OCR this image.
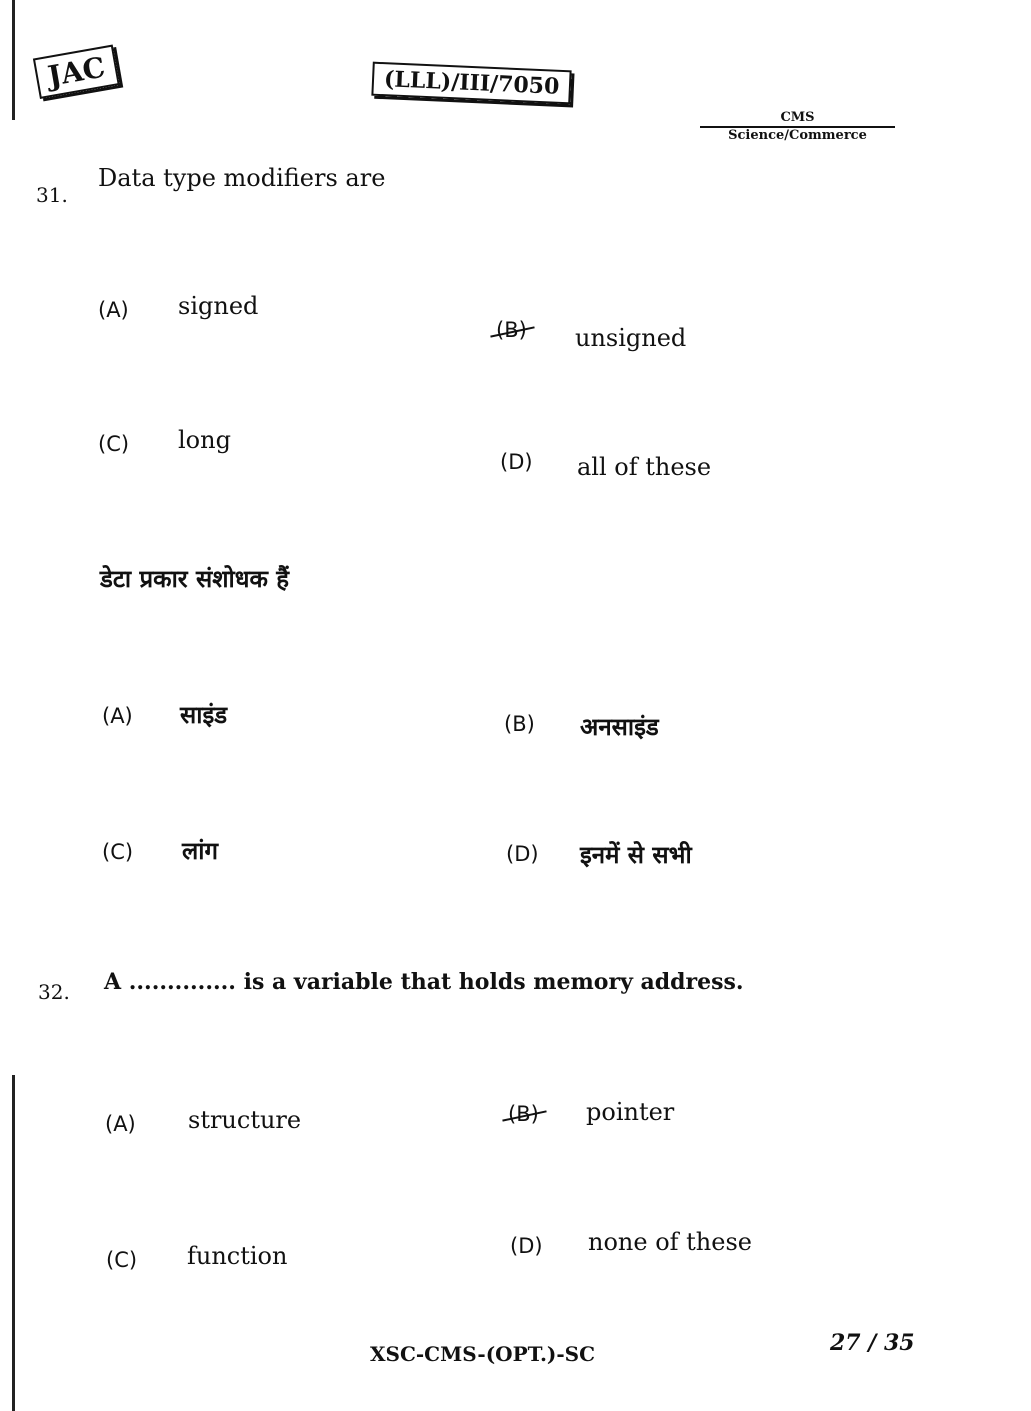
JAC	(LLL)/III/7050
CMS
Science/Commerce
31.
Data type modifiers are
(A) signed
(B) unsigned
(C) long
(D) all of these
डेटा प्रकार संशोधक हैं
(A) साइंड	(B) अनसाइंड
(C) लांग	(D) इनमें से सभी
32. A .............. is a variable that holds memory address.
(A) structure	(B) pointer
(C) function	(D) none of these
XSC-CMS-(OPT.)-SC	27 / 35
